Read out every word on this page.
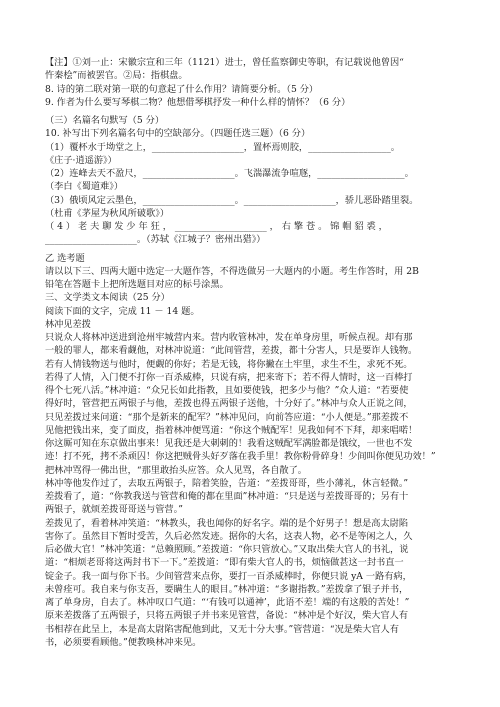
【注】①刘一止：宋徽宗宣和三年（1121）进士，曾任监察御史等职，有记载说他曾因“

忤秦桧”而被罢官。②局：指棋盘。

8. 诗的第二联对第一联的句意起了什么作用？请简要分析。（5 分）

9. 作者为什么要写琴棋二物？他想借琴棋抒发一种什么样的情怀？（6 分）

（三）名篇名句默写（5 分）

10. 补写出下列名篇名句中的空缺部分。（四题任选三题）（6 分）

（1）覆杯水于坳堂之上，____________________，置杯焉则胶，__________________。

《庄子·逍遥游》）

（2）连峰去天不盈尺，____________________。飞湍瀑流争喧豗，___________________。

（李白《蜀道难》）

（3）俄顷风定云墨色，____________________。____________________，骄儿恶卧踏里裂。

（杜甫《茅屋为秋风所破歌》）

（ 4 ） 老 夫 聊 发 少 年 狂 ， ____________________ ， 右 擎 苍 。 锦 帽 貂 裘 ，

____________________。（苏轼《江城子？密州出猎》）

乙 选考题

请以以下三、四两大题中选定一大题作答，不得选做另一大题内的小题。考生作答时，用 2B

铅笔在答题卡上把所选题目对应的标号涂黑。

三、文学类文本阅读（25 分）

阅读下面的文字，完成 11 － 14 题。

林冲见差拨

只说众人将林冲送进到沧州牢城营内来。营内收管林冲，发在单身房里，听候点视。却有那

一般的罪人，都来看觑他，对林冲说道：“此间管营，差拨，都十分害人，只是要诈人钱物。

若有人情钱物送与他时，便觑的你好；若是无钱，将你撇在土牢里，求生不生，求死不死。

若得了人情，入门便不打你一百杀威棒，只说有病，把来寄下；若不得人情时，这一百棒打

得个七死八活。”林冲道：“众兄长如此指教，且如要使钱，把多少与他？”众人道：“若要使

得好时，管营把五两银子与他，差拨也得五两银子送他，十分好了。”林冲与众人正说之间，

只见差拨过来问道：“那个是新来的配军？”林冲见问，向前答应道：“小人便是。”那差拨不

见他把钱出来，变了面皮，指着林冲便骂道：“你这个贼配军！见我如何不下拜，却来唱喏！

你这厮可知在东京做出事来！见我还是大刺刺的！我看这贼配军满脸都是饿纹，一世也不发

迹！打不死，拷不杀顽囚！你这把贼骨头好歹落在我手里！教你粉骨碎身！少间叫你便见功效！”

把林冲骂得一佛出世，“那里敢抬头应答。众人见骂，各自散了。

林冲等他发作过了，去取五两银子，陪着笑脸，告道：“差拨哥哥，些小薄礼，休言轻微。”

差拨看了，道：“你教我送与管营和俺的都在里面”林冲道：“只是送与差拨哥哥的；另有十

两银子，就烦差拨哥哥送与管营。”

差拨见了，看着林冲笑道：“林教头，我也闻你的好名字。端的是个好男子！想是高太尉陷

害你了。虽然目下暂时受苦，久后必然发迹。据你的大名，这表人物，必不是等闲之人，久

后必做大官！”林冲笑道：“总赖照顾。”差拨道：“你只管放心。”又取出柴大官人的书礼，说

道：“相烦老哥将这两封书下一下。”差拨道：“即有柴大官人的书，烦恼做甚这一封书直一

锭金子。我一面与你下书。少间管营来点你，要打一百杀威棒时，你便只说 yA 一路有病，

未曾痊可。我自来与你支吾，要瞒生人的眼目。”林冲道：“多谢指教。”差拨拿了银子并书，

离了单身房，自去了。林冲叹口气道：“‘有钱可以通神’，此语不差！端的有这般的苦处！”

原来差拨落了五两银子，只将五两银子并书来见管营，备说：“林冲是个好汉，柴大官人有

书相荐在此呈上，本是高太尉陷害配他到此，又无十分大事。”管营道：“况是柴大官人有

书，必须要看顾他。”便教唤林冲来见。
